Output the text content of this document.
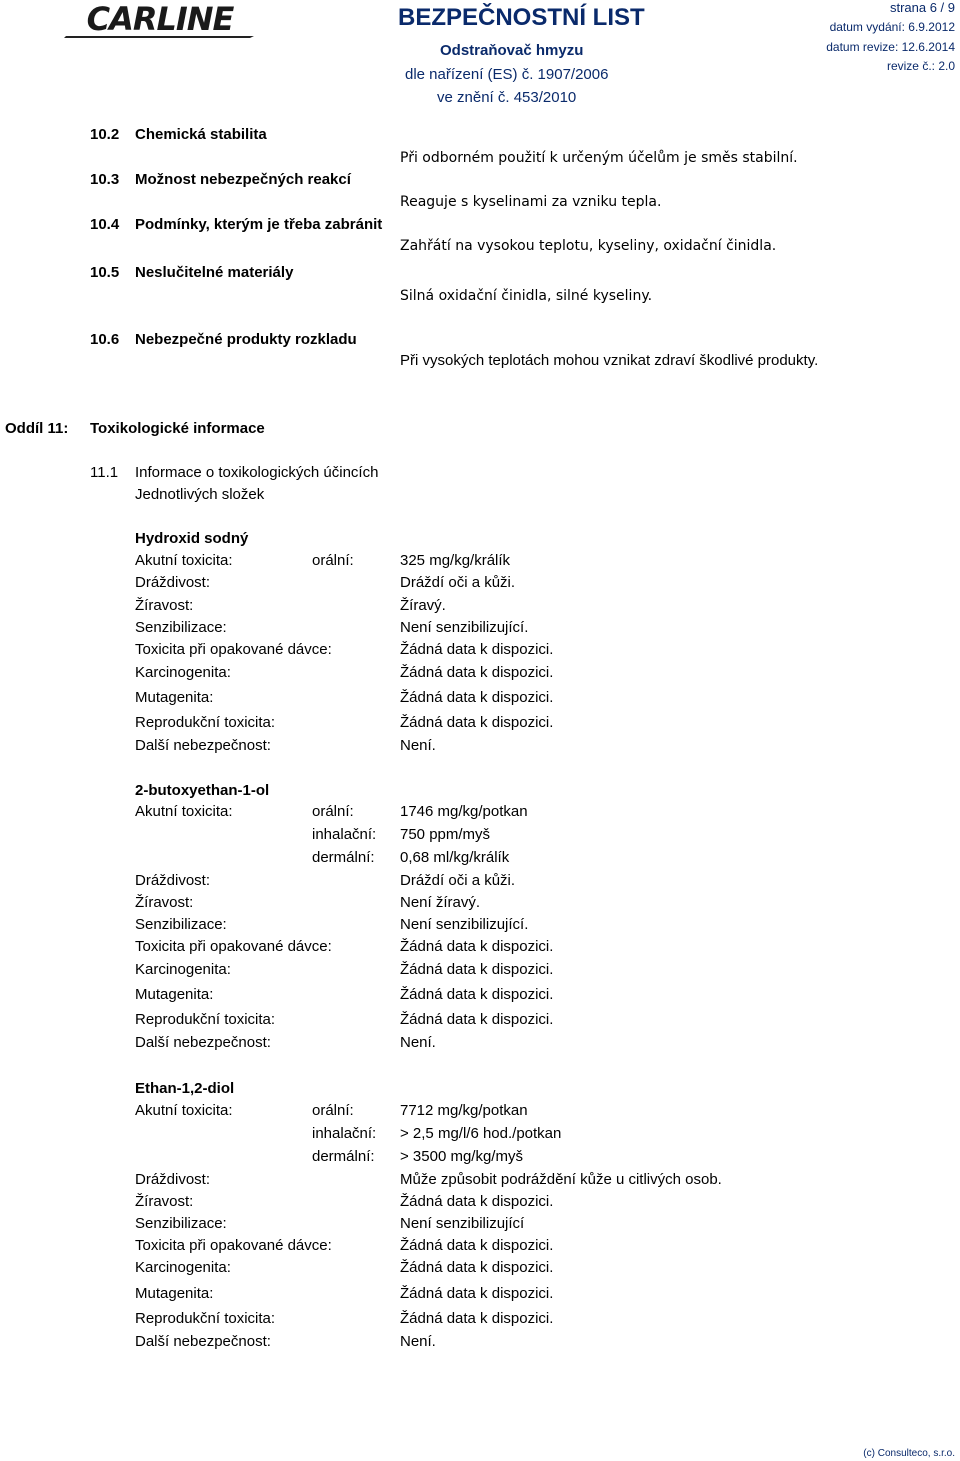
CARLINE	BEZPEČNOSTNÍ LIST
Odstraňovač hmyzu
dle nařízení (ES) č. 1907/2006
ve znění č. 453/2010
strana 6 / 9
datum vydání: 6.9.2012
datum revize: 12.6.2014
revize č.: 2.0
10.2 Chemická stabilita
Při odborném použití k určeným účelům je směs stabilní.
10.3 Možnost nebezpečných reakcí
Reaguje s kyselinami za vzniku tepla.
10.4 Podmínky, kterým je třeba zabránit
Zahřátí na vysokou teplotu, kyseliny, oxidační činidla.
10.5 Neslučitelné materiály
Silná oxidační činidla, silné kyseliny.
10.6 Nebezpečné produkty rozkladu
Při vysokých teplotách mohou vznikat zdraví škodlivé produkty.
Oddíl 11: Toxikologické informace
11.1 Informace o toxikologických účincích
Jednotlivých složek
Hydroxid sodný
Akutní toxicita:	orální:	325 mg/kg/králík
Dráždivost:	Dráždí oči a kůži.
Žíravost:	Žíravý.
Senzibilizace:	Není senzibilizující.
Toxicita při opakované dávce:	Žádná data k dispozici.
Karcinogenita:	Žádná data k dispozici.
Mutagenita:	Žádná data k dispozici.
Reprodukční toxicita:	Žádná data k dispozici.
Další nebezpečnost:	Není.
2-butoxyethan-1-ol
Akutní toxicita:	orální:	1746 mg/kg/potkan
inhalační: 750 ppm/myš
dermální: 0,68 ml/kg/králík
Dráždivost:	Dráždí oči a kůži.
Žíravost:	Není žíravý.
Senzibilizace:	Není senzibilizující.
Toxicita při opakované dávce:	Žádná data k dispozici.
Karcinogenita:	Žádná data k dispozici.
Mutagenita:	Žádná data k dispozici.
Reprodukční toxicita:	Žádná data k dispozici.
Další nebezpečnost:	Není.
Ethan-1,2-diol
Akutní toxicita:	orální:	7712 mg/kg/potkan
inhalační: > 2,5 mg/l/6 hod./potkan
dermální: > 3500 mg/kg/myš
Dráždivost:	Může způsobit podráždění kůže u citlivých osob.
Žíravost:	Žádná data k dispozici.
Senzibilizace:	Není senzibilizující
Toxicita při opakované dávce:	Žádná data k dispozici.
Karcinogenita:	Žádná data k dispozici.
Mutagenita:	Žádná data k dispozici.
Reprodukční toxicita:	Žádná data k dispozici.
Další nebezpečnost:	Není.
(c) Consulteco, s.r.o.
